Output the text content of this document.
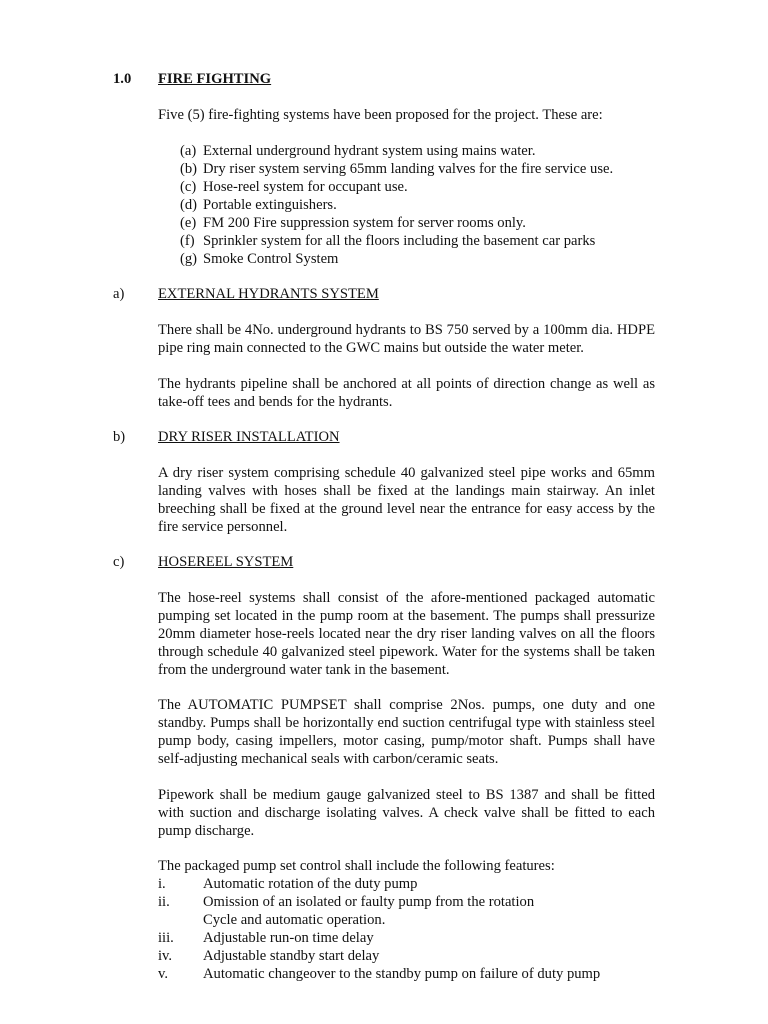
1.0 FIRE FIGHTING
Five (5) fire-fighting systems have been proposed for the project. These are:
(a) External underground hydrant system using mains water.
(b) Dry riser system serving 65mm landing valves for the fire service use.
(c) Hose-reel system for occupant use.
(d) Portable extinguishers.
(e) FM 200 Fire suppression system for server rooms only.
(f) Sprinkler system for all the floors including the basement car parks
(g) Smoke Control System
a) EXTERNAL HYDRANTS SYSTEM
There shall be 4No. underground hydrants to BS 750 served by a 100mm dia. HDPE pipe ring main connected to the GWC mains but outside the water meter.
The hydrants pipeline shall be anchored at all points of direction change as well as take-off tees and bends for the hydrants.
b) DRY RISER INSTALLATION
A dry riser system comprising schedule 40 galvanized steel pipe works and 65mm landing valves with hoses shall be fixed at the landings main stairway. An inlet breeching shall be fixed at the ground level near the entrance for easy access by the fire service personnel.
c) HOSEREEL SYSTEM
The hose-reel systems shall consist of the afore-mentioned packaged automatic pumping set located in the pump room at the basement. The pumps shall pressurize 20mm diameter hose-reels located near the dry riser landing valves on all the floors through schedule 40 galvanized steel pipework. Water for the systems shall be taken from the underground water tank in the basement.
The AUTOMATIC PUMPSET shall comprise 2Nos. pumps, one duty and one standby. Pumps shall be horizontally end suction centrifugal type with stainless steel pump body, casing impellers, motor casing, pump/motor shaft. Pumps shall have self-adjusting mechanical seals with carbon/ceramic seats.
Pipework shall be medium gauge galvanized steel to BS 1387 and shall be fitted with suction and discharge isolating valves. A check valve shall be fitted to each pump discharge.
The packaged pump set control shall include the following features:
i.	Automatic rotation of the duty pump
ii. Omission of an isolated or faulty pump from the rotation
Cycle and automatic operation.
iii. Adjustable run-on time delay
iv. Adjustable standby start delay
v. Automatic changeover to the standby pump on failure of duty pump
